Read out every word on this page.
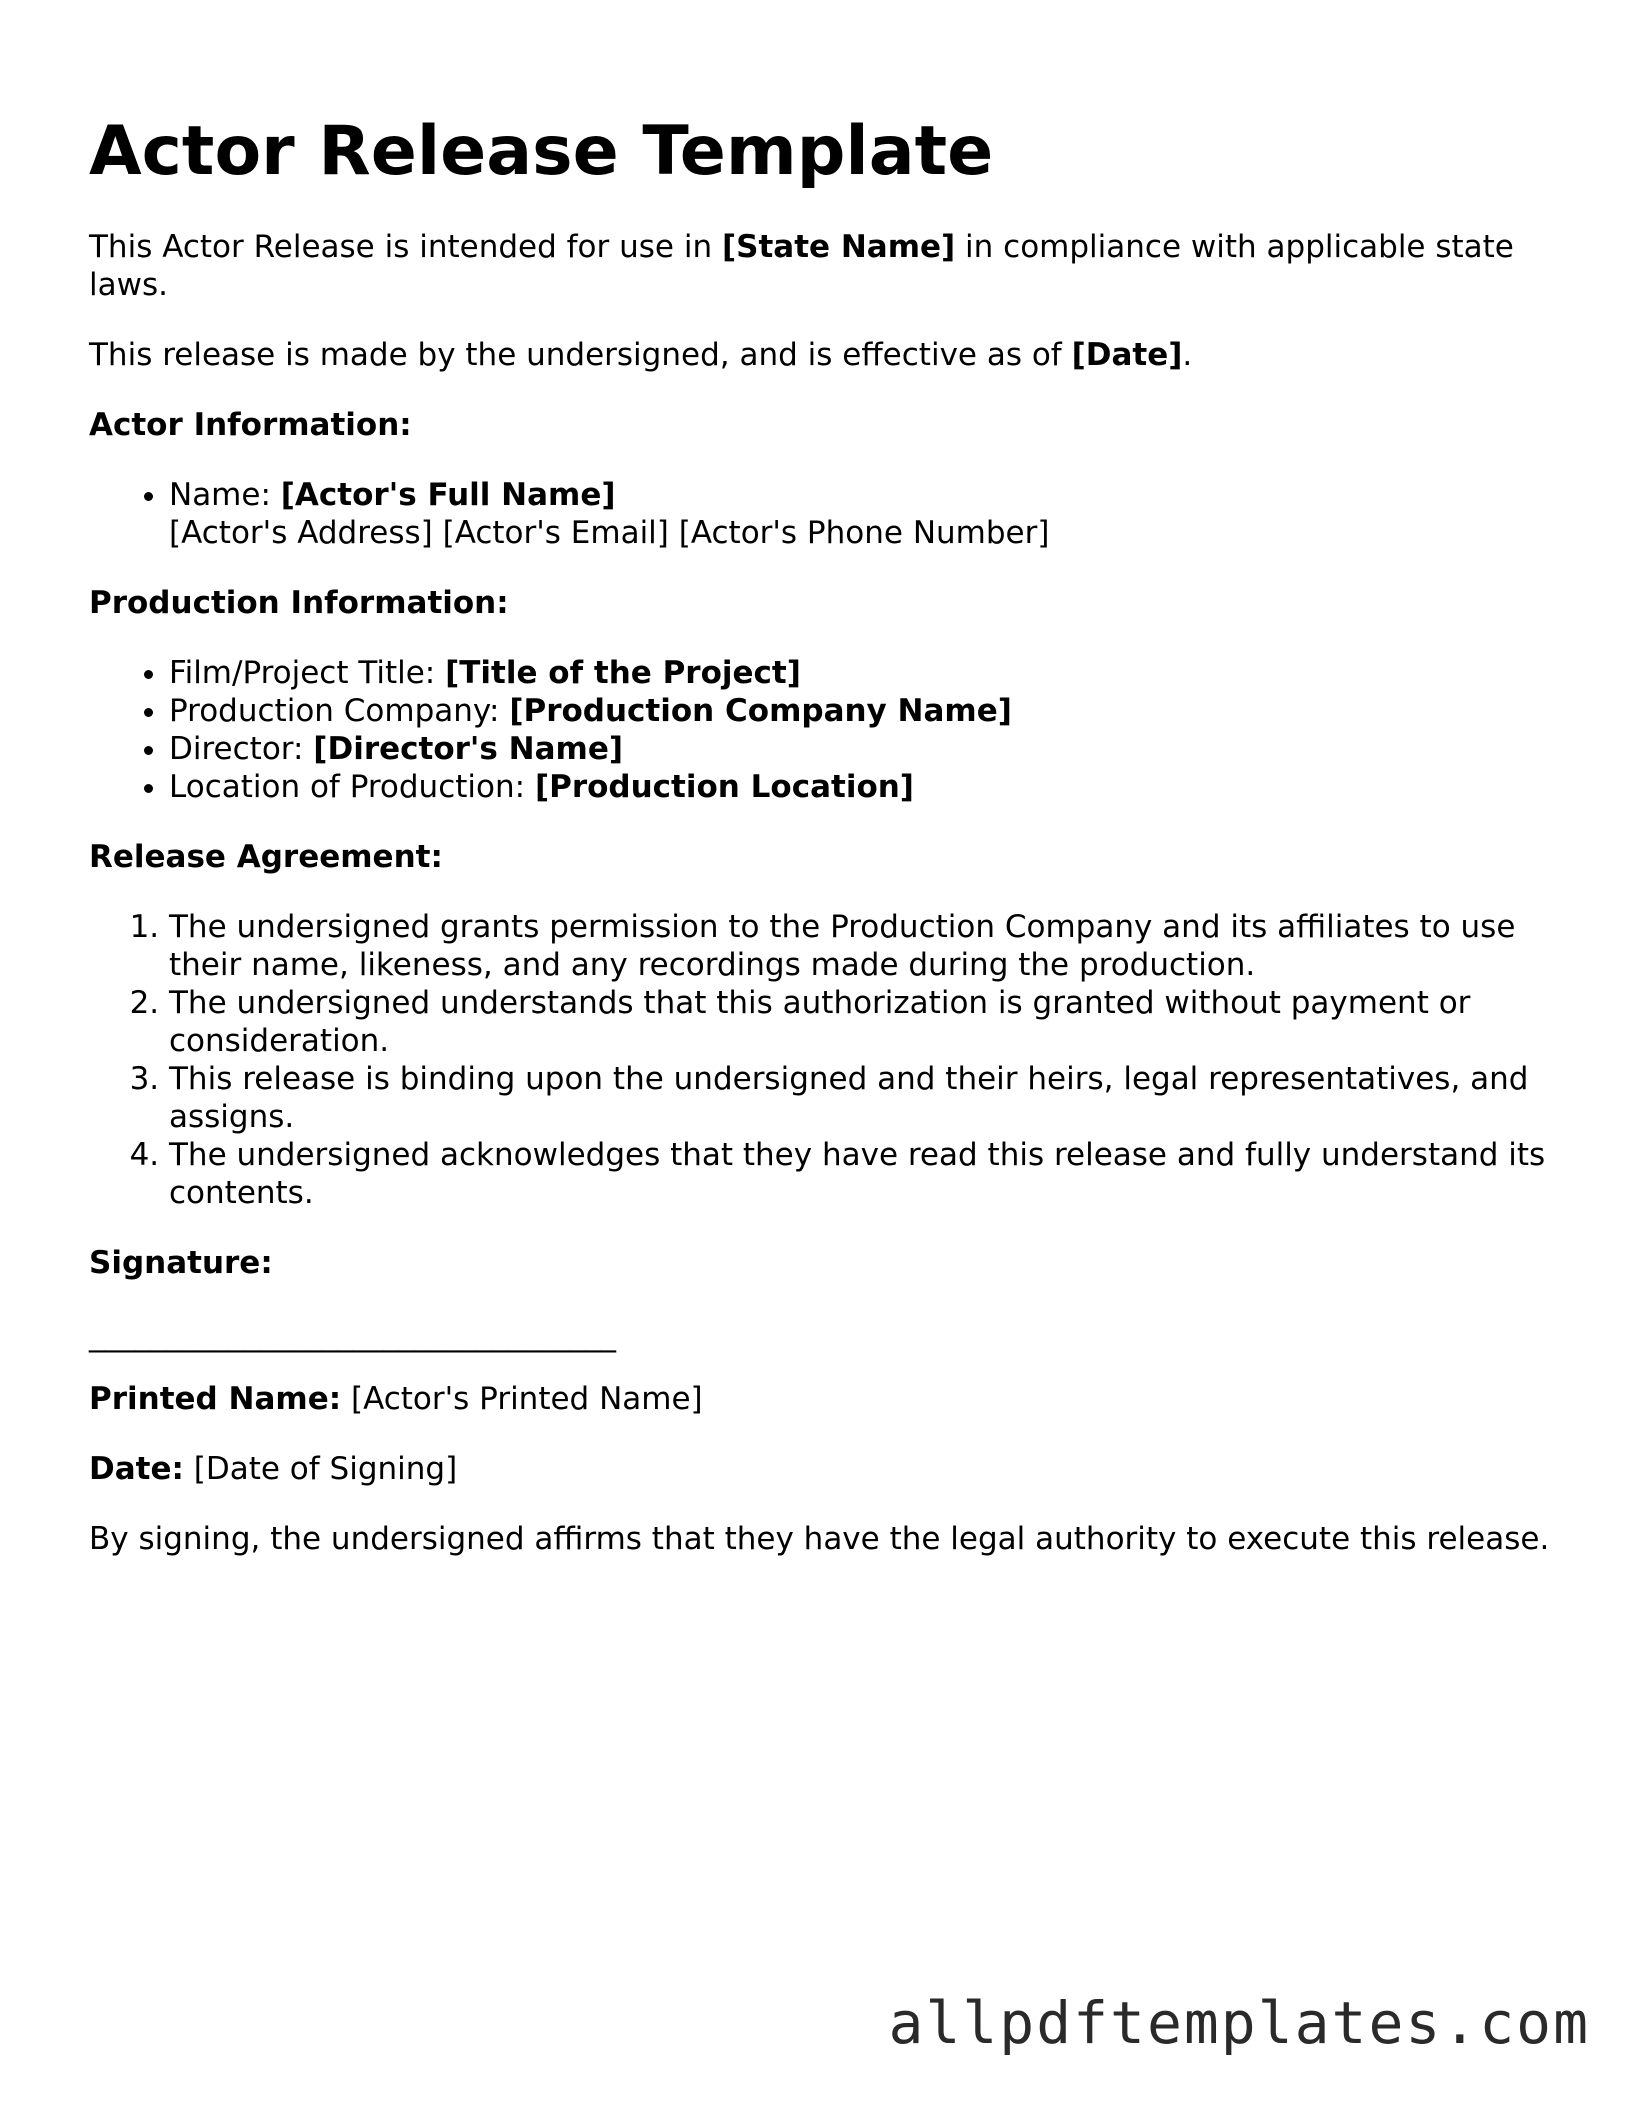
Actor Release Template

This Actor Release is intended for use in [State Name] in compliance with applicable state laws.

This release is made by the undersigned, and is effective as of [Date].

Actor Information:
• Name: [Actor's Full Name]
[Actor's Address] [Actor's Email] [Actor's Phone Number]
Production Information:
• Film/Project Title: [Title of the Project]
• Production Company: [Production Company Name]
• Director: [Director's Name]
• Location of Production: [Production Location]
Release Agreement:
1. The undersigned grants permission to the Production Company and its affiliates to use their name, likeness, and any recordings made during the production.
2. The undersigned understands that this authorization is granted without payment or consideration.
3. This release is binding upon the undersigned and their heirs, legal representatives, and assigns.
4. The undersigned acknowledges that they have read this release and fully understand its contents.
Signature:
__________________________________

Printed Name: [Actor's Printed Name]

Date: [Date of Signing]

By signing, the undersigned affirms that they have the legal authority to execute this release.

allpdftemplates.com
